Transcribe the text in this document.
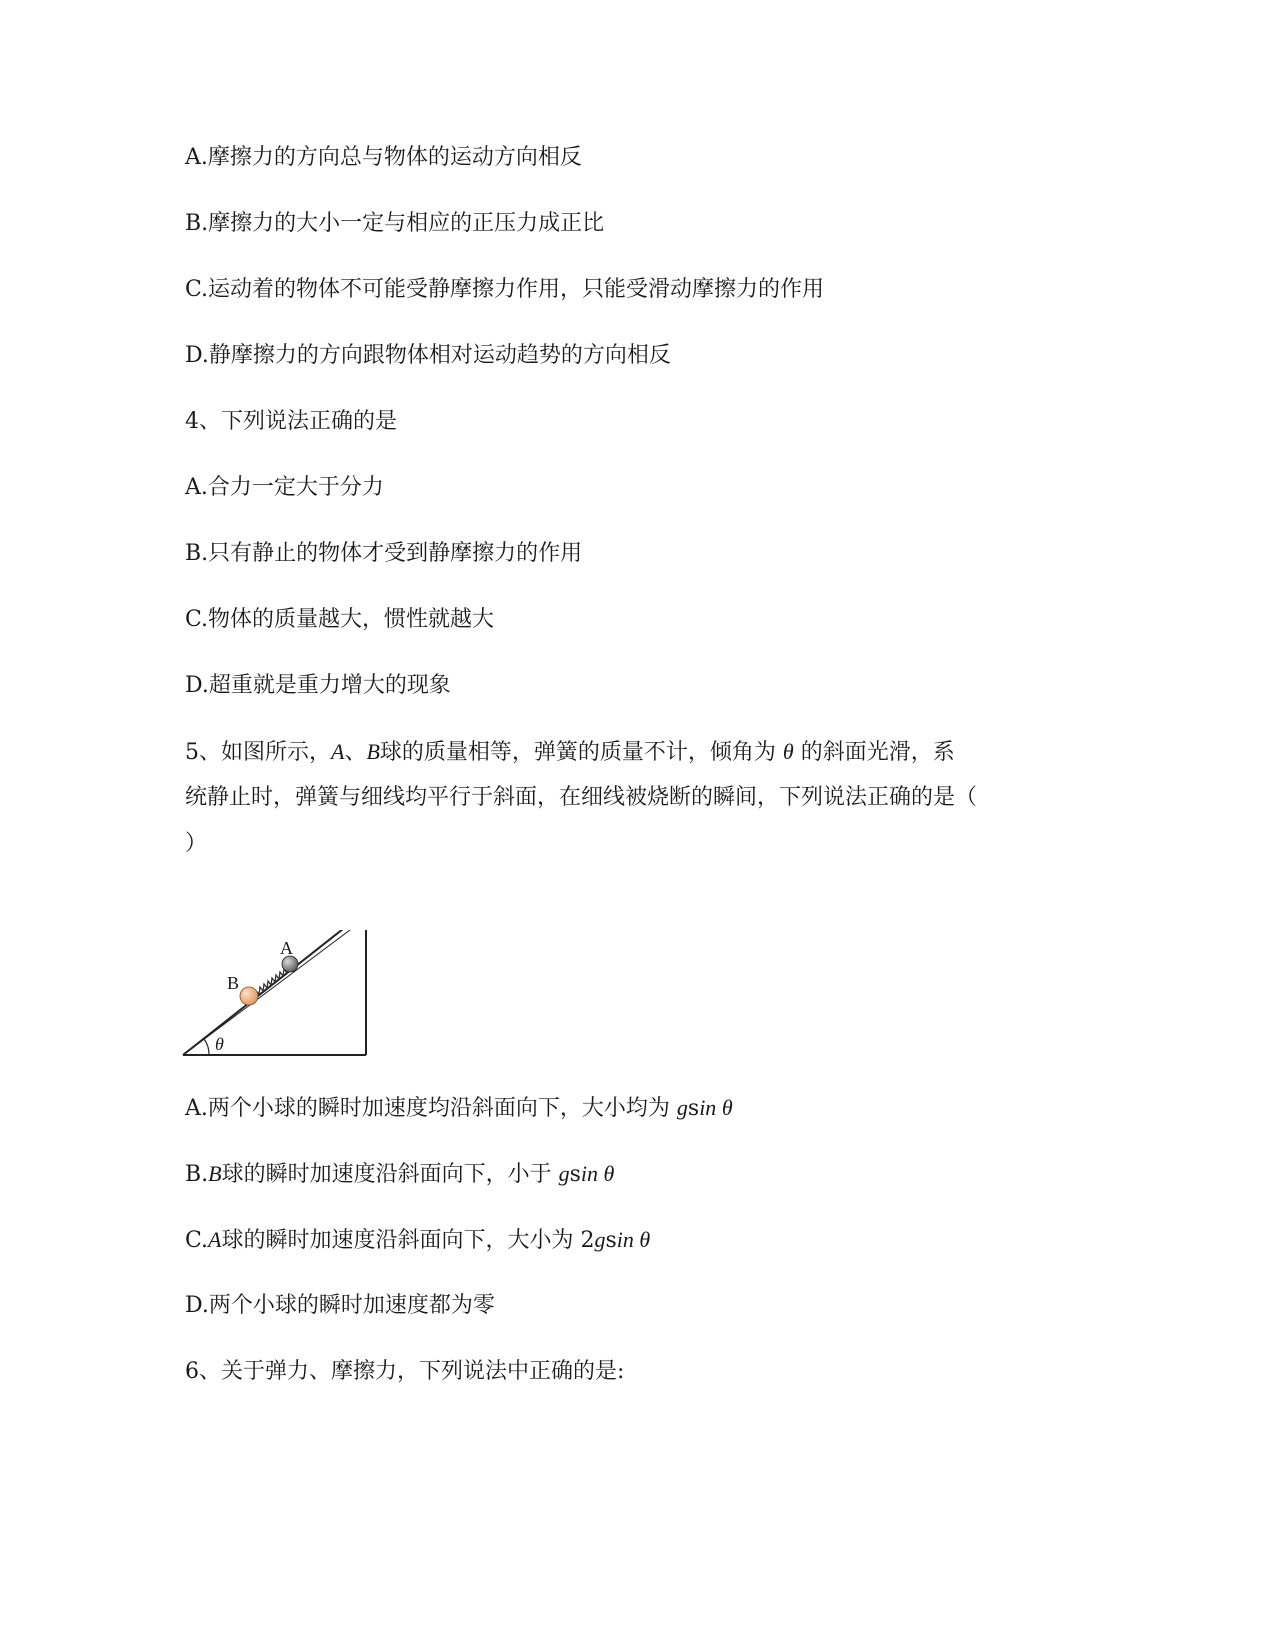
A.摩擦力的方向总与物体的运动方向相反
B.摩擦力的大小一定与相应的正压力成正比
C.运动着的物体不可能受静摩擦力作用，只能受滑动摩擦力的作用
D.静摩擦力的方向跟物体相对运动趋势的方向相反
4、下列说法正确的是
A.合力一定大于分力
B.只有静止的物体才受到静摩擦力的作用
C.物体的质量越大，惯性就越大
D.超重就是重力增大的现象
5、如图所示，A、B球的质量相等，弹簧的质量不计，倾角为 θ 的斜面光滑，系
统静止时，弹簧与细线均平行于斜面，在细线被烧断的瞬间，下列说法正确的是（
）
A
B
θ
A.两个小球的瞬时加速度均沿斜面向下，大小均为 gsin θ
B.B球的瞬时加速度沿斜面向下，小于 gsin θ
C.A球的瞬时加速度沿斜面向下，大小为 2gsin θ
D.两个小球的瞬时加速度都为零
6、关于弹力、摩擦力，下列说法中正确的是:
